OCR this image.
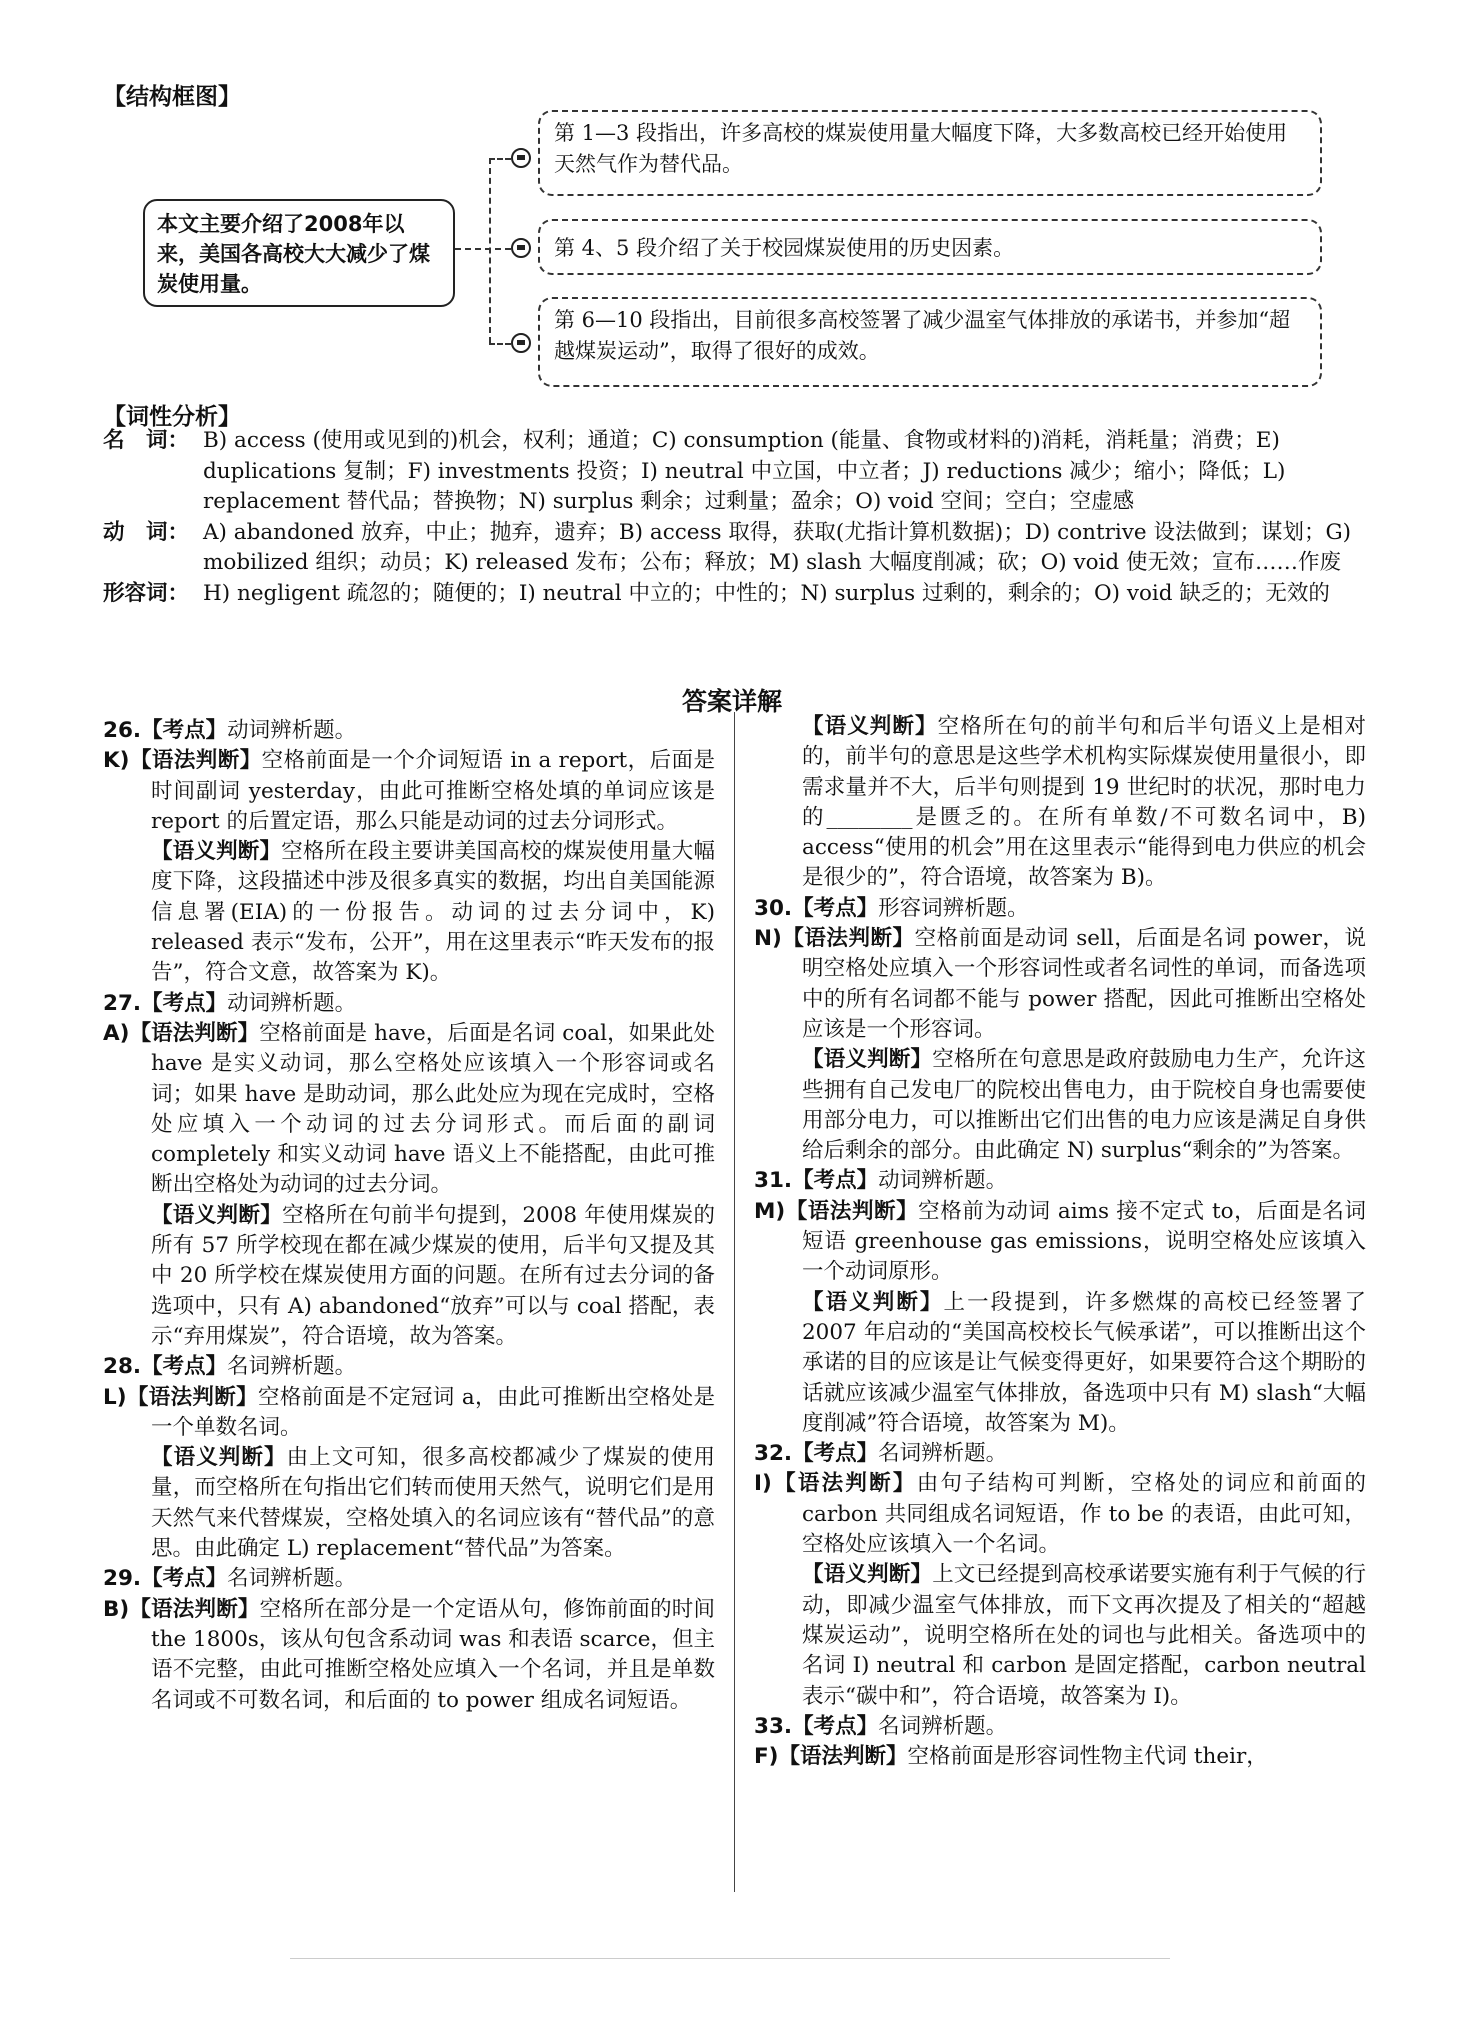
【结构框图】
本文主要介绍了2008年以来，美国各高校大大减少了煤炭使用量。
第 1—3 段指出，许多高校的煤炭使用量大幅度下降，大多数高校已经开始使用天然气作为替代品。
第 4、5 段介绍了关于校园煤炭使用的历史因素。
第 6—10 段指出，目前很多高校签署了减少温室气体排放的承诺书，并参加“超越煤炭运动”，取得了很好的成效。
【词性分析】
名　词： B) access (使用或见到的)机会，权利；通道；C) consumption (能量、食物或材料的)消耗，消耗量；消费；E) duplications 复制；F) investments 投资；I) neutral 中立国，中立者；J) reductions 减少；缩小；降低；L) replacement 替代品；替换物；N) surplus 剩余；过剩量；盈余；O) void 空间；空白；空虚感
动　词： A) abandoned 放弃，中止；抛弃，遗弃；B) access 取得，获取(尤指计算机数据)；D) contrive 设法做到；谋划；G) mobilized 组织；动员；K) released 发布；公布；释放；M) slash 大幅度削减；砍；O) void 使无效；宣布……作废
形容词： H) negligent 疏忽的；随便的；I) neutral 中立的；中性的；N) surplus 过剩的，剩余的；O) void 缺乏的；无效的
答案详解

26.【考点】动词辨析题。

K)【语法判断】空格前面是一个介词短语 in a report，后面是时间副词 yesterday，由此可推断空格处填的单词应该是 report 的后置定语，那么只能是动词的过去分词形式。

【语义判断】空格所在段主要讲美国高校的煤炭使用量大幅度下降，这段描述中涉及很多真实的数据，均出自美国能源信息署(EIA)的一份报告。动词的过去分词中，K) released 表示“发布，公开”，用在这里表示“昨天发布的报告”，符合文意，故答案为 K)。

27.【考点】动词辨析题。

A)【语法判断】空格前面是 have，后面是名词 coal，如果此处 have 是实义动词，那么空格处应该填入一个形容词或名词；如果 have 是助动词，那么此处应为现在完成时，空格处应填入一个动词的过去分词形式。而后面的副词 completely 和实义动词 have 语义上不能搭配，由此可推断出空格处为动词的过去分词。

【语义判断】空格所在句前半句提到，2008 年使用煤炭的所有 57 所学校现在都在减少煤炭的使用，后半句又提及其中 20 所学校在煤炭使用方面的问题。在所有过去分词的备选项中，只有 A) abandoned“放弃”可以与 coal 搭配，表示“弃用煤炭”，符合语境，故为答案。

28.【考点】名词辨析题。

L)【语法判断】空格前面是不定冠词 a，由此可推断出空格处是一个单数名词。

【语义判断】由上文可知，很多高校都减少了煤炭的使用量，而空格所在句指出它们转而使用天然气，说明它们是用天然气来代替煤炭，空格处填入的名词应该有“替代品”的意思。由此确定 L) replacement“替代品”为答案。

29.【考点】名词辨析题。

B)【语法判断】空格所在部分是一个定语从句，修饰前面的时间 the 1800s，该从句包含系动词 was 和表语 scarce，但主语不完整，由此可推断空格处应填入一个名词，并且是单数名词或不可数名词，和后面的 to power 组成名词短语。

【语义判断】空格所在句的前半句和后半句语义上是相对的，前半句的意思是这些学术机构实际煤炭使用量很小，即需求量并不大，后半句则提到 19 世纪时的状况，那时电力的________是匮乏的。在所有单数/不可数名词中，B) access“使用的机会”用在这里表示“能得到电力供应的机会是很少的”，符合语境，故答案为 B)。

30.【考点】形容词辨析题。

N)【语法判断】空格前面是动词 sell，后面是名词 power，说明空格处应填入一个形容词性或者名词性的单词，而备选项中的所有名词都不能与 power 搭配，因此可推断出空格处应该是一个形容词。

【语义判断】空格所在句意思是政府鼓励电力生产，允许这些拥有自己发电厂的院校出售电力，由于院校自身也需要使用部分电力，可以推断出它们出售的电力应该是满足自身供给后剩余的部分。由此确定 N) surplus“剩余的”为答案。

31.【考点】动词辨析题。

M)【语法判断】空格前为动词 aims 接不定式 to，后面是名词短语 greenhouse gas emissions，说明空格处应该填入一个动词原形。

【语义判断】上一段提到，许多燃煤的高校已经签署了 2007 年启动的“美国高校校长气候承诺”，可以推断出这个承诺的目的应该是让气候变得更好，如果要符合这个期盼的话就应该减少温室气体排放，备选项中只有 M) slash“大幅度削减”符合语境，故答案为 M)。

32.【考点】名词辨析题。

I)【语法判断】由句子结构可判断，空格处的词应和前面的 carbon 共同组成名词短语，作 to be 的表语，由此可知，空格处应该填入一个名词。

【语义判断】上文已经提到高校承诺要实施有利于气候的行动，即减少温室气体排放，而下文再次提及了相关的“超越煤炭运动”，说明空格所在处的词也与此相关。备选项中的名词 I) neutral 和 carbon 是固定搭配，carbon neutral 表示“碳中和”，符合语境，故答案为 I)。

33.【考点】名词辨析题。

F)【语法判断】空格前面是形容词性物主代词 their，
